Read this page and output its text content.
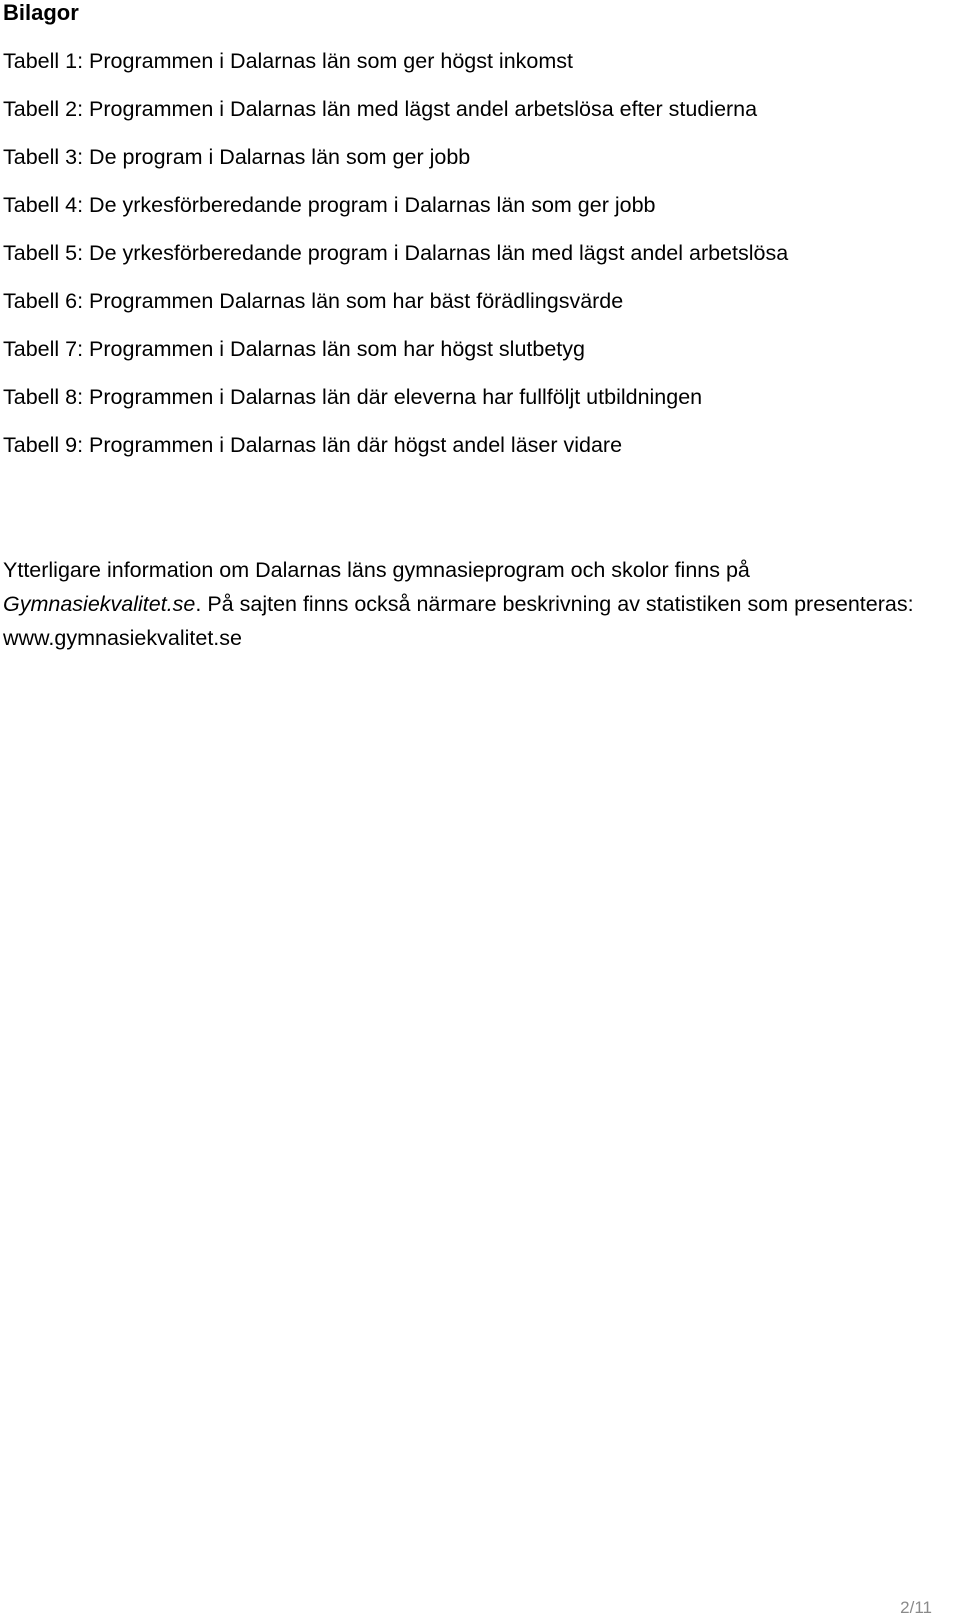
Bilagor
Tabell 1: Programmen i Dalarnas län som ger högst inkomst
Tabell 2: Programmen i Dalarnas län med lägst andel arbetslösa efter studierna
Tabell 3: De program i Dalarnas län som ger jobb
Tabell 4: De yrkesförberedande program i Dalarnas län som ger jobb
Tabell 5: De yrkesförberedande program i Dalarnas län med lägst andel arbetslösa
Tabell 6: Programmen Dalarnas län som har bäst förädlingsvärde
Tabell 7: Programmen i Dalarnas län som har högst slutbetyg
Tabell 8: Programmen i Dalarnas län där eleverna har fullföljt utbildningen
Tabell 9: Programmen i Dalarnas län där högst andel läser vidare

Ytterligare information om Dalarnas läns gymnasieprogram och skolor finns på
Gymnasiekvalitet.se. På sajten finns också närmare beskrivning av statistiken som presenteras: www.gymnasiekvalitet.se

2/11
